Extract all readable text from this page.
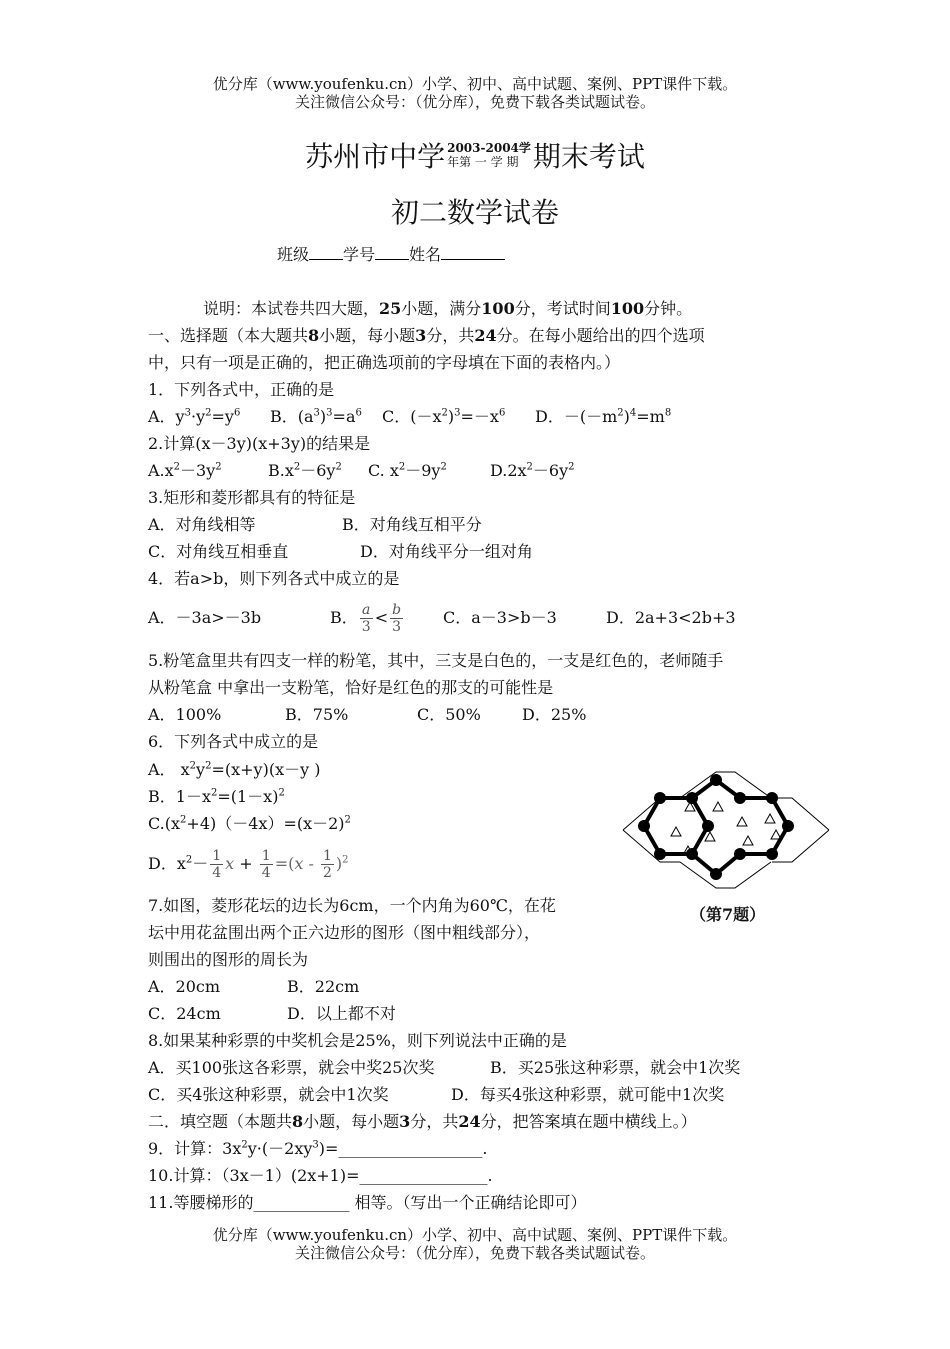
优分库（www.youfenku.cn）小学、初中、高中试题、案例、PPT课件下载。
关注微信公众号：（优分库），免费下载各类试题试卷。
苏州市中学 2003-2004学
年第 一 学 期 期末考试
初二数学试卷
班级 学号 姓名
说明：本试卷共四大题，25小题，满分100分，考试时间100分钟。
一、选择题（本大题共8小题，每小题3分，共24分。在每小题给出的四个选项
中，只有一项是正确的，把正确选项前的字母填在下面的表格内。）
1．下列各式中，正确的是
A．$y^3\cdot y^2=y^6$ B．$(a^3)^3=a^6$ C．$(-x^2)^3=-x^6$ D．$-(-m^2)^4=m^8$
2.计算(x－3y)(x+3y)的结果是
$A.x^2-3y^2$	$B.x^2-6y^2$ C. $x^2-9y^2$	$D.2x^2-6y^2$
3.矩形和菱形都具有的特征是
A．对角线相等	B．对角线互相平分
C．对角线互相垂直	D．对角线平分一组对角
4．若a>b，则下列各式中成立的是
A．－3a>－3b	B． $\frac{a}{3} < \frac{b}{3}$ C．a－3>b－3	D．2a+3<2b+3
5.粉笔盒里共有四支一样的粉笔，其中，三支是白色的，一支是红色的，老师随手
从粉笔盒 中拿出一支粉笔，恰好是红色的那支的可能性是
A．100%	B．75%	C．50%	D．25%
6．下列各式中成立的是
A． $x^2y^2=(x+y)(x-y$ )
B．$1-x^2=(1-x)^2$
$C.(x^2+4)(-4x)=(x-2)^2$
D．$x^2- \frac{1}{4}$ $x + \frac{1}{4} =(x - \frac{1}{2} )^2$
（第7题）
7.如图，菱形花坛的边长为6cm，一个内角为60℃，在花
坛中用花盆围出两个正六边形的图形（图中粗线部分），
则围出的图形的周长为
A．20cm	B．22cm
C．24cm	D．以上都不对
8.如果某种彩票的中奖机会是25%，则下列说法中正确的是
A．买100张这各彩票，就会中奖25次奖	B．买25张这种彩票，就会中1次奖
C．买4张这种彩票，就会中1次奖	D．每买4张这种彩票，就可能中1次奖
二．填空题（本题共8小题，每小题3分，共24分，把答案填在题中横线上。）
9．计算：$3x^2y\cdot(-2xy^3)=\_\_\_\_\_\_\_\_\_\_\_\_\_\_\_\_\_\_$.
10.计算：（3x－1）(2x+1)=________________.
11.等腰梯形的____________ 相等。（写出一个正确结论即可）
优分库（www.youfenku.cn）小学、初中、高中试题、案例、PPT课件下载。
关注微信公众号：（优分库），免费下载各类试题试卷。
